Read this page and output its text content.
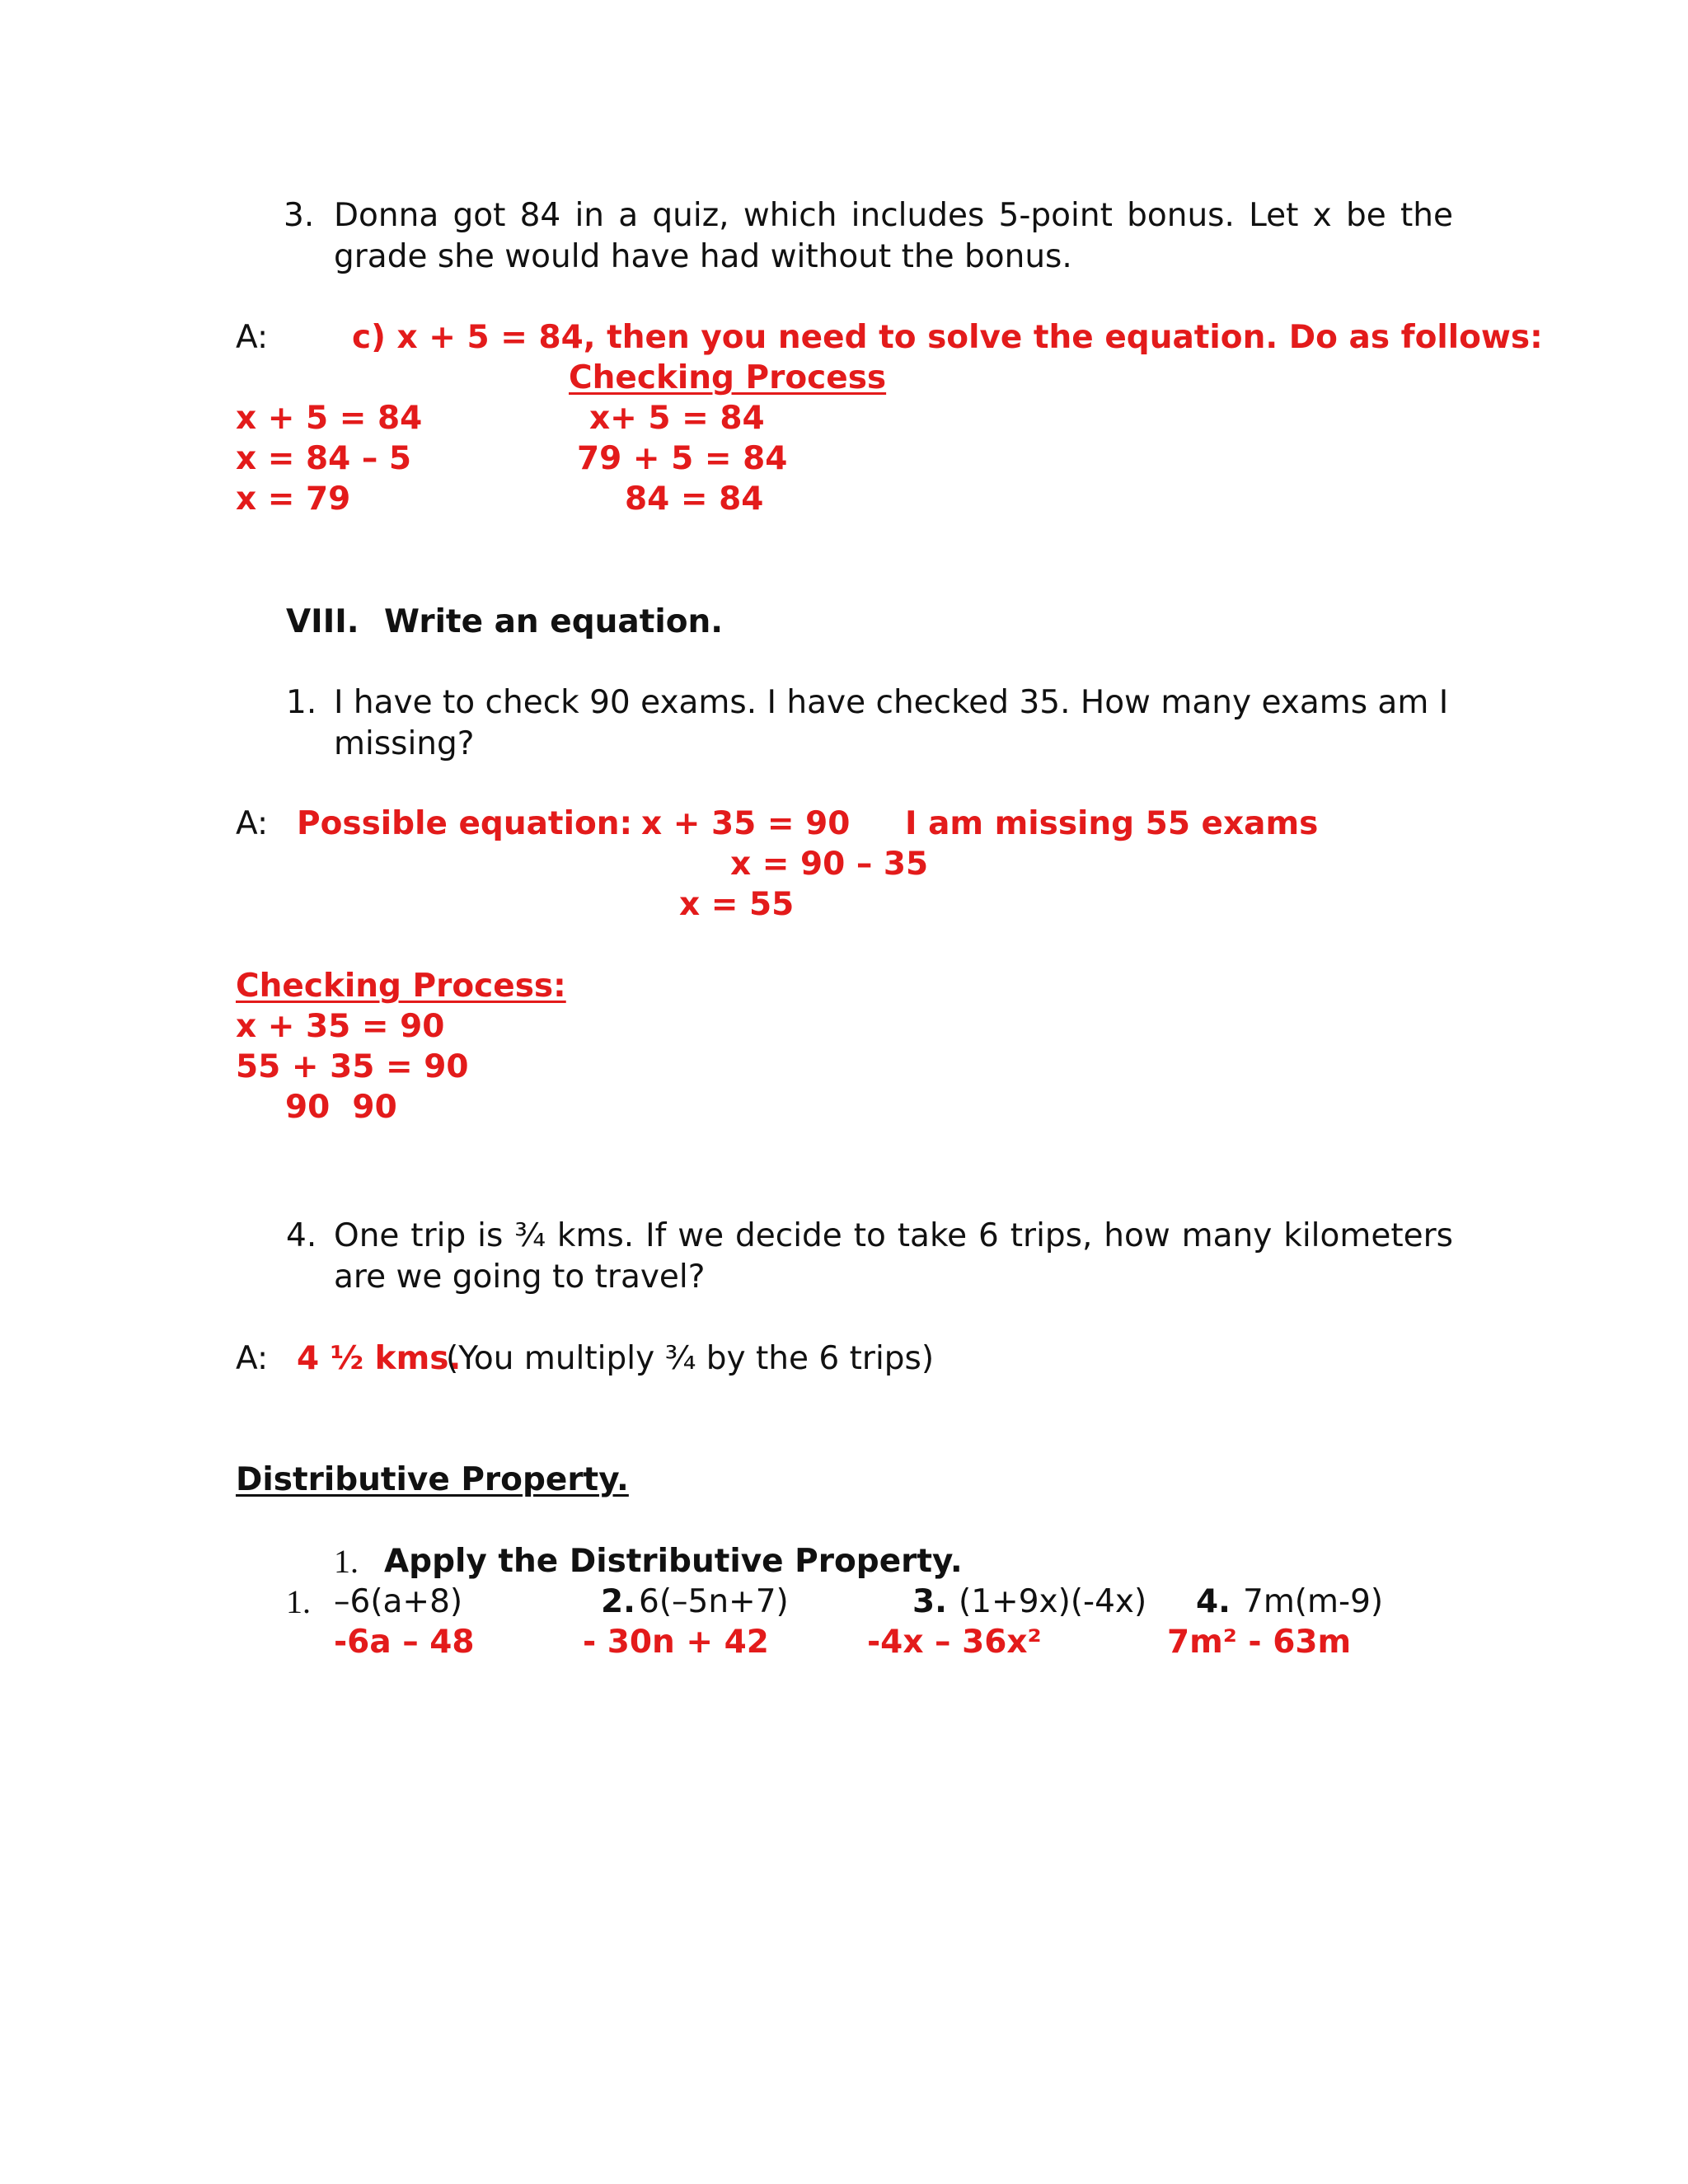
3. Donna got 84 in a quiz, which includes 5-point bonus. Let x be the grade she would have had without the bonus.
A:	c) x + 5 = 84, then you need to solve the equation. Do as follows:
Checking Process
x + 5 = 84
x = 84 – 5
x = 79
x+ 5 = 84
79 + 5 = 84
84 = 84
VIII. Write an equation.
1. I have to check 90 exams. I have checked 35. How many exams am I missing?
A: Possible equation: x + 35 = 90
x = 90 – 35
x = 55
I am missing 55 exams
Checking Process:
x + 35 = 90
55 + 35 = 90
90  90
4. One trip is ¾ kms. If we decide to take 6 trips, how many kilometers are we going to travel?
A: 4 ½ kms.
(You multiply ¾ by the 6 trips)
Distributive Property.
1. Apply the Distributive Property.
1. –6(a+8)
-6a – 48
2. 6(–5n+7)
- 30n + 42
3. (1+9x)(-4x)
-4x – 36x²
4. 7m(m-9)
7m² - 63m
